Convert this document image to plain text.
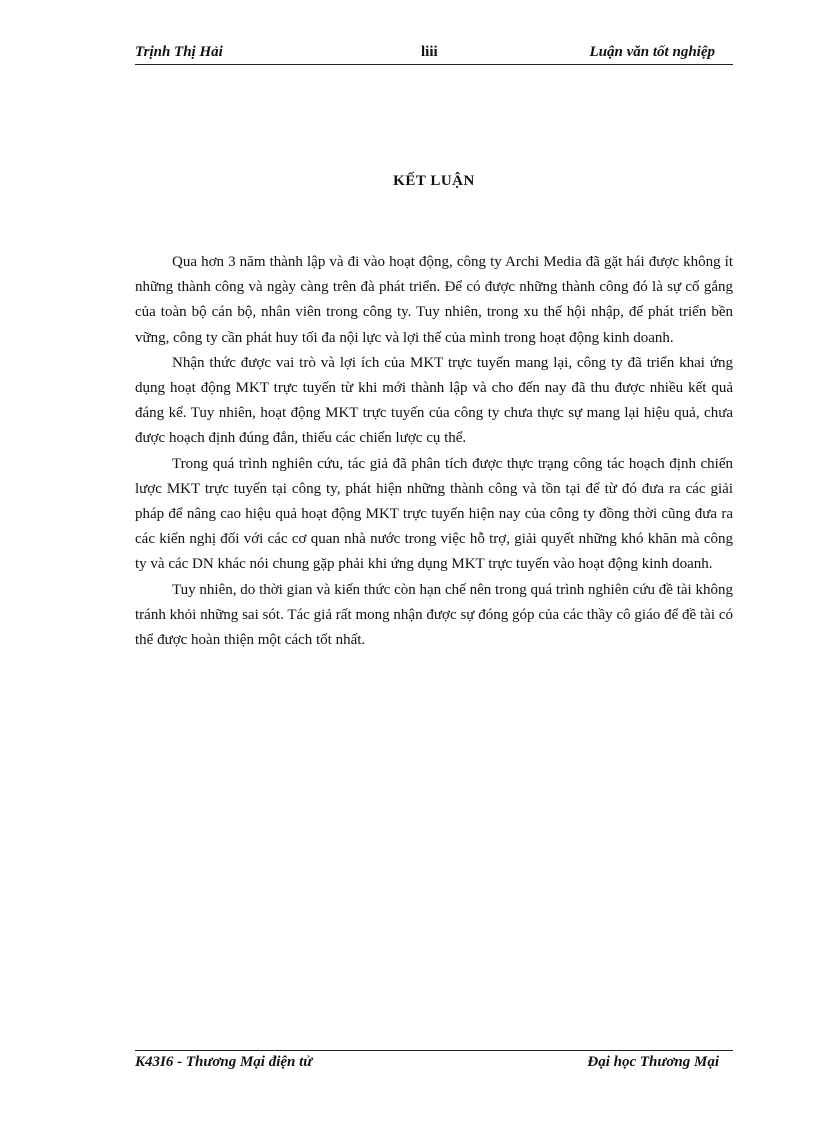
Trịnh Thị Hải	liii	Luận văn tốt nghiệp
KẾT LUẬN

Qua hơn 3 năm thành lập và đi vào hoạt động, công ty Archi Media đã gặt hái được không ít những thành công và ngày càng trên đà phát triển. Để có được những thành công đó là sự cố gắng của toàn bộ cán bộ, nhân viên trong công ty. Tuy nhiên, trong xu thế hội nhập, để phát triển bền vững, công ty cần phát huy tối đa nội lực và lợi thế của mình trong hoạt động kinh doanh.

Nhận thức được vai trò và lợi ích của MKT trực tuyến mang lại, công ty đã triển khai ứng dụng hoạt động MKT trực tuyến từ khi mới thành lập và cho đến nay đã thu được nhiều kết quả đáng kể. Tuy nhiên, hoạt động MKT trực tuyến của công ty chưa thực sự mang lại hiệu quả, chưa được hoạch định đúng đắn, thiếu các chiến lược cụ thể.

Trong quá trình nghiên cứu, tác giả đã phân tích được thực trạng công tác hoạch định chiến lược MKT trực tuyến tại công ty, phát hiện những thành công và tồn tại để từ đó đưa ra các giải pháp để nâng cao hiệu quả hoạt động MKT trực tuyến hiện nay của công ty đồng thời cũng đưa ra các kiến nghị đối với các cơ quan nhà nước trong việc hỗ trợ, giải quyết những khó khăn mà công ty và các DN khác nói chung gặp phải khi ứng dụng MKT trực tuyến vào hoạt động kinh doanh.

Tuy nhiên, do thời gian và kiến thức còn hạn chế nên trong quá trình nghiên cứu đề tài không tránh khỏi những sai sót. Tác giả rất mong nhận được sự đóng góp của các thầy cô giáo để đề tài có thể được hoàn thiện một cách tốt nhất.

K43I6 - Thương Mại điện tử	Đại học Thương Mại
